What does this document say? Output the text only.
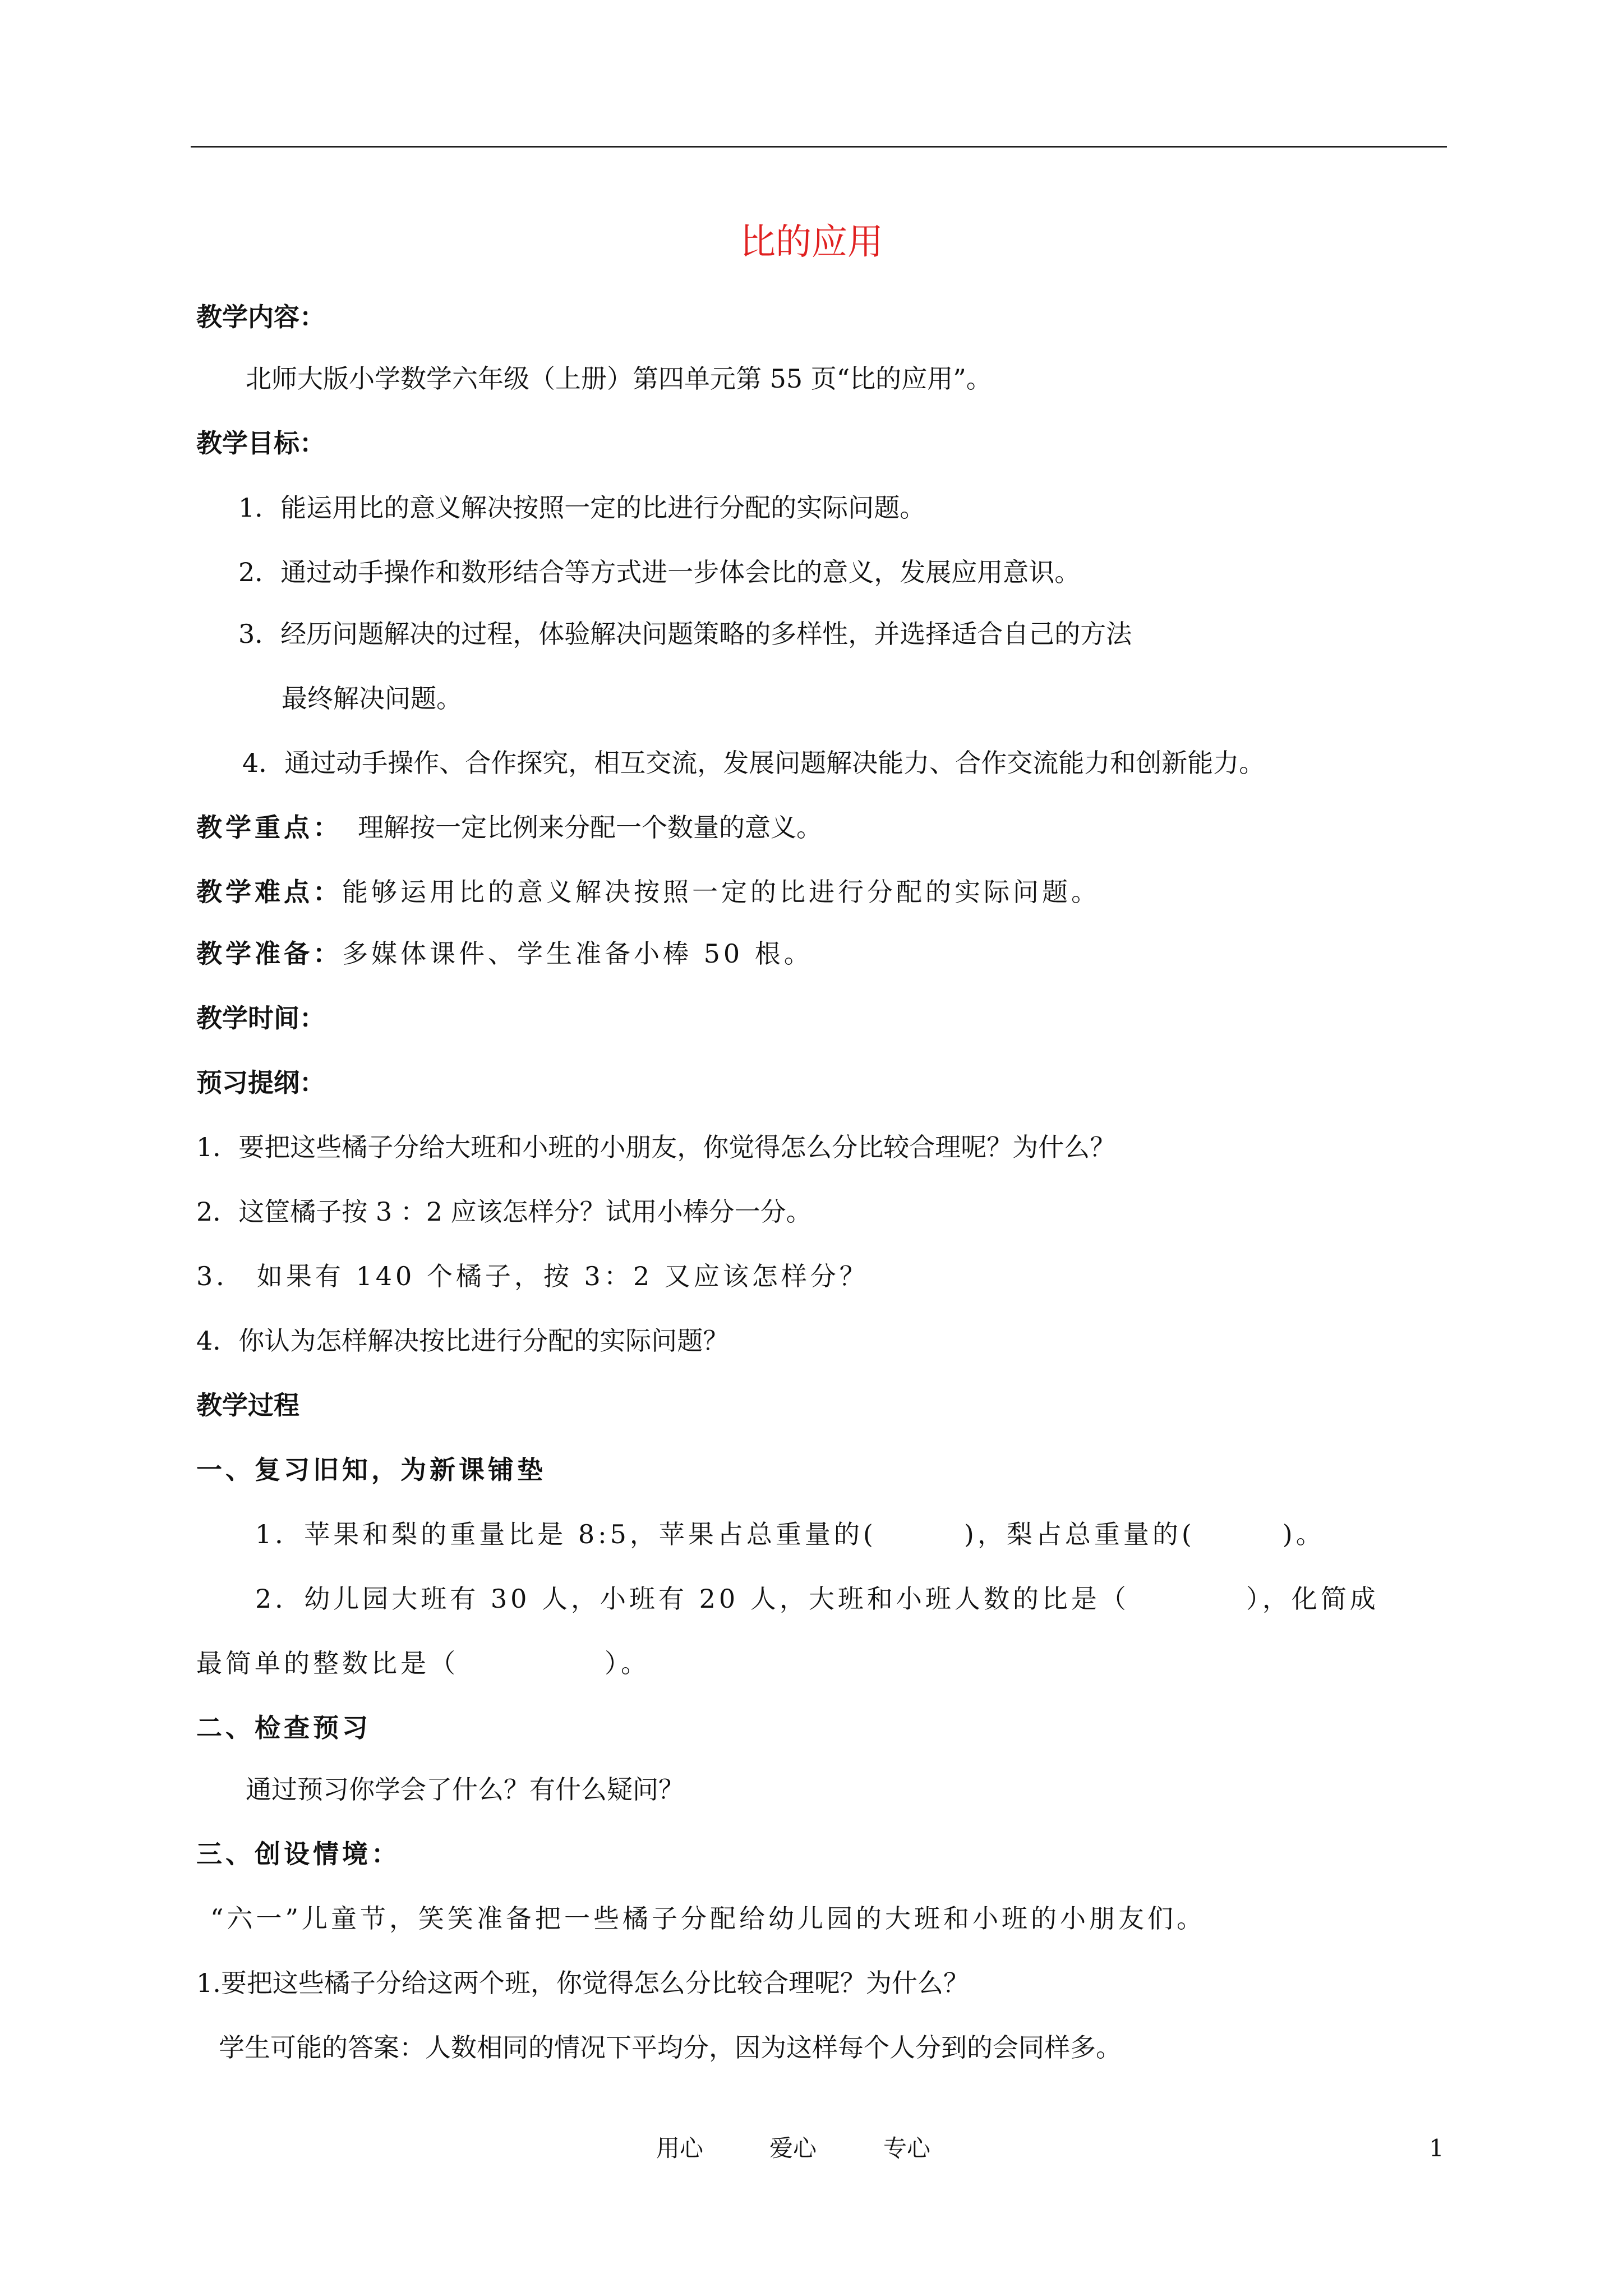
比的应用
教学内容：
北师大版小学数学六年级（上册）第四单元第 55 页“比的应用”。
教学目标：
1．能运用比的意义解决按照一定的比进行分配的实际问题。
2．通过动手操作和数形结合等方式进一步体会比的意义，发展应用意识。
3．经历问题解决的过程，体验解决问题策略的多样性，并选择适合自己的方法
最终解决问题。
4．通过动手操作、合作探究，相互交流，发展问题解决能力、合作交流能力和创新能力。
教学重点： 理解按一定比例来分配一个数量的意义。
教学难点：能够运用比的意义解决按照一定的比进行分配的实际问题。
教学准备：多媒体课件、学生准备小棒 50 根。
教学时间：
预习提纲：
1．要把这些橘子分给大班和小班的小朋友，你觉得怎么分比较合理呢？为什么？
2．这筐橘子按 3 ：2 应该怎样分？试用小棒分一分。
3． 如果有 140 个橘子，按 3：2 又应该怎样分？
4．你认为怎样解决按比进行分配的实际问题？
教学过程
一、复习旧知，为新课铺垫
1．苹果和梨的重量比是 8:5，苹果占总重量的(　　　)，梨占总重量的(　　　)。
2．幼儿园大班有 30 人，小班有 20 人，大班和小班人数的比是（　　　　），化简成
最简单的整数比是（　　　　　）。
二、检查预习
通过预习你学会了什么？有什么疑问？
三、创设情境：
“六一”儿童节，笑笑准备把一些橘子分配给幼儿园的大班和小班的小朋友们。
1.要把这些橘子分给这两个班，你觉得怎么分比较合理呢？为什么？
学生可能的答案：人数相同的情况下平均分，因为这样每个人分到的会同样多。
用心	爱心	专心	1
